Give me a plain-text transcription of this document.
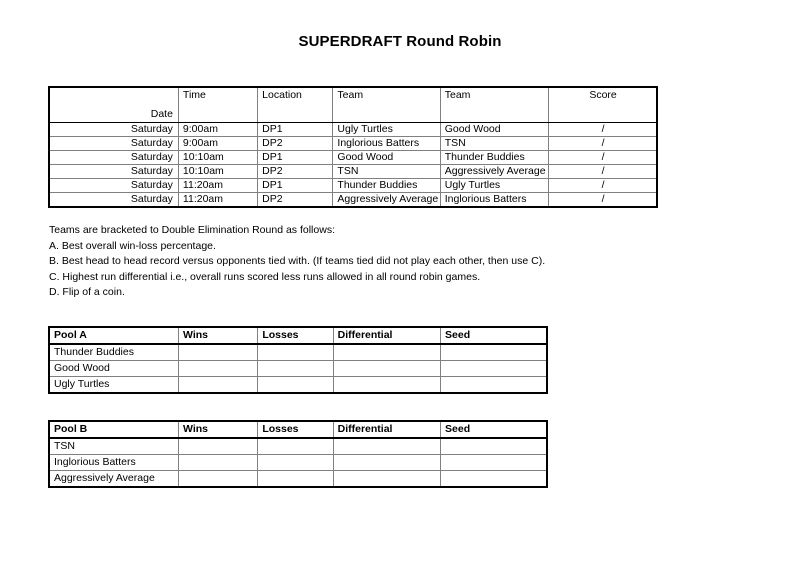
SUPERDRAFT Round Robin
Date	Time	Location	Team	Team	Score
Saturday	9:00am	DP1	Ugly Turtles	Good Wood	/
Saturday	9:00am	DP2	Inglorious Batters	TSN	/
Saturday	10:10am	DP1	Good Wood	Thunder Buddies	/
Saturday	10:10am	DP2	TSN	Aggressively Average	/
Saturday	11:20am	DP1	Thunder Buddies	Ugly Turtles	/
Saturday	11:20am	DP2	Aggressively Average	Inglorious Batters	/
Teams are bracketed to Double Elimination Round as follows:
A. Best overall win-loss percentage.
B. Best head to head record versus opponents tied with. (If teams tied did not play each other, then use C).
C. Highest run differential i.e., overall runs scored less runs allowed in all round robin games.
D. Flip of a coin.
Pool A	Wins	Losses	Differential	Seed
Thunder Buddies				
Good Wood				
Ugly Turtles				
Pool B	Wins	Losses	Differential	Seed
TSN				
Inglorious Batters				
Aggressively Average				
